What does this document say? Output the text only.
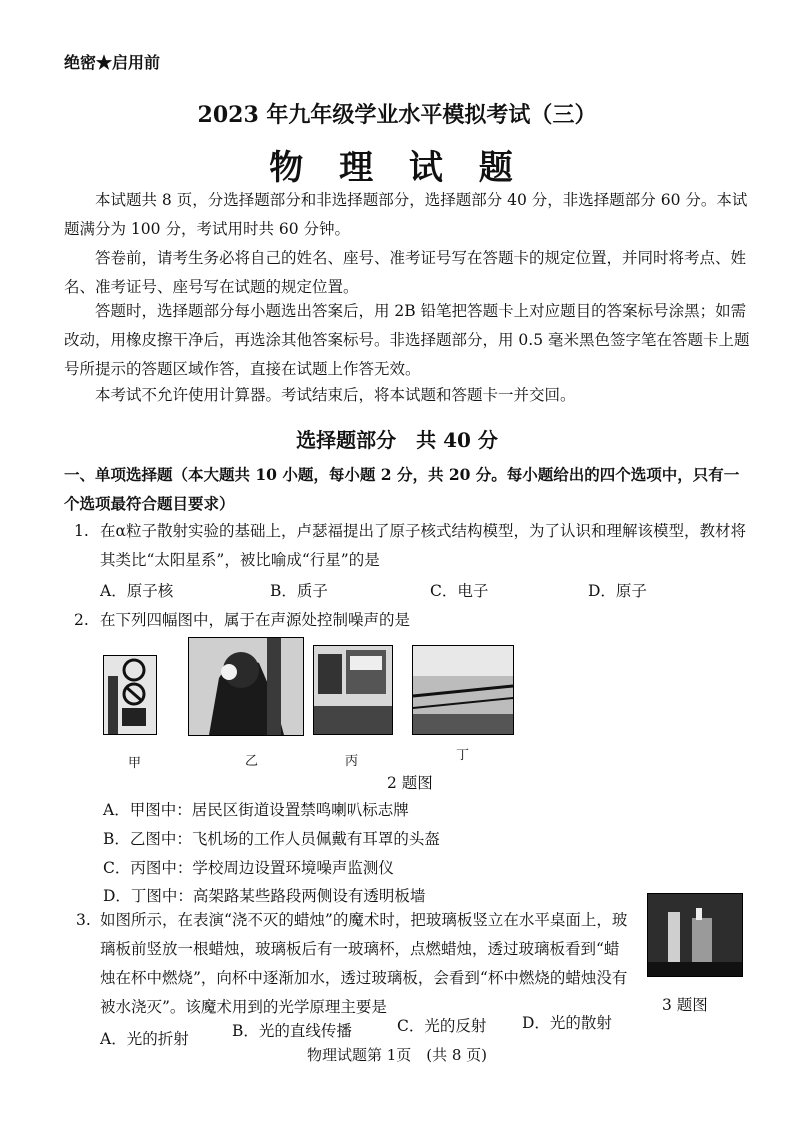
绝密★启用前
2023 年九年级学业水平模拟考试（三）
物 理 试 题
本试题共 8 页，分选择题部分和非选择题部分，选择题部分 40 分，非选择题部分 60 分。本试题满分为 100 分，考试用时共 60 分钟。
答卷前，请考生务必将自己的姓名、座号、准考证号写在答题卡的规定位置，并同时将考点、姓名、准考证号、座号写在试题的规定位置。
答题时，选择题部分每小题选出答案后，用 2B 铅笔把答题卡上对应题目的答案标号涂黑；如需改动，用橡皮擦干净后，再选涂其他答案标号。非选择题部分，用 0.5 毫米黑色签字笔在答题卡上题号所提示的答题区域作答，直接在试题上作答无效。
本考试不允许使用计算器。考试结束后，将本试题和答题卡一并交回。
选择题部分　共 40 分
一、单项选择题（本大题共 10 小题，每小题 2 分，共 20 分。每小题给出的四个选项中，只有一个选项最符合题目要求）
1. 在α粒子散射实验的基础上，卢瑟福提出了原子核式结构模型，为了认识和理解该模型，教材将其类比“太阳星系”，被比喻成“行星”的是
A．原子核	B．质子	C．电子	D．原子
2. 在下列四幅图中，属于在声源处控制噪声的是
甲	乙	丙	丁
2 题图
A．甲图中：居民区街道设置禁鸣喇叭标志牌
B．乙图中：飞机场的工作人员佩戴有耳罩的头盔
C．丙图中：学校周边设置环境噪声监测仪
D．丁图中：高架路某些路段两侧设有透明板墙
3. 如图所示，在表演“浇不灭的蜡烛”的魔术时，把玻璃板竖立在水平桌面上，玻璃板前竖放一根蜡烛，玻璃板后有一玻璃杯，点燃蜡烛，透过玻璃板看到“蜡烛在杯中燃烧”，向杯中逐渐加水，透过玻璃板，会看到“杯中燃烧的蜡烛没有被水浇灭”。该魔术用到的光学原理主要是	3 题图
A．光的折射	B．光的直线传播	C．光的反射 D．光的散射
物理试题第 1页　(共 8 页)
